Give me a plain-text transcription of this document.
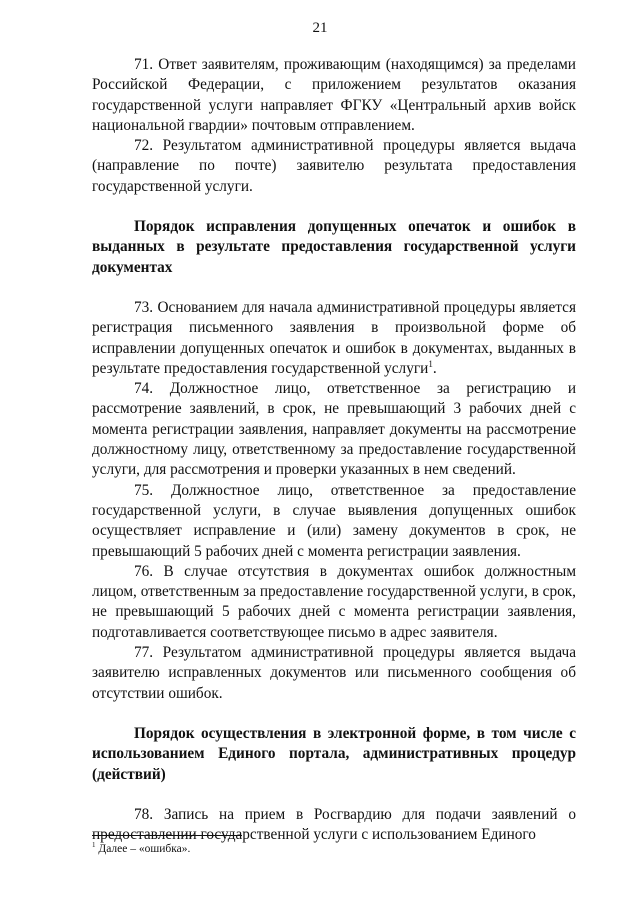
21

71. Ответ заявителям, проживающим (находящимся) за пределами Российской Федерации, с приложением результатов оказания государственной услуги направляет ФГКУ «Центральный архив войск национальной гвардии» почтовым отправлением.

72. Результатом административной процедуры является выдача (направление по почте) заявителю результата предоставления государственной услуги.

Порядок исправления допущенных опечаток и ошибок в выданных в результате предоставления государственной услуги документах

73. Основанием для начала административной процедуры является регистрация письменного заявления в произвольной форме об исправлении допущенных опечаток и ошибок в документах, выданных в результате предоставления государственной услуги$^1$.

74. Должностное лицо, ответственное за регистрацию и рассмотрение заявлений, в срок, не превышающий 3 рабочих дней с момента регистрации заявления, направляет документы на рассмотрение должностному лицу, ответственному за предоставление государственной услуги, для рассмотрения и проверки указанных в нем сведений.

75. Должностное лицо, ответственное за предоставление государственной услуги, в случае выявления допущенных ошибок осуществляет исправление и (или) замену документов в срок, не превышающий 5 рабочих дней с момента регистрации заявления.

76. В случае отсутствия в документах ошибок должностным лицом, ответственным за предоставление государственной услуги, в срок, не превышающий 5 рабочих дней с момента регистрации заявления, подготавливается соответствующее письмо в адрес заявителя.

77. Результатом административной процедуры является выдача заявителю исправленных документов или письменного сообщения об отсутствии ошибок.

Порядок осуществления в электронной форме, в том числе с использованием Единого портала, административных процедур (действий)

78. Запись на прием в Росгвардию для подачи заявлений о предоставлении государственной услуги с использованием Единого

$^1$ Далее – «ошибка».
